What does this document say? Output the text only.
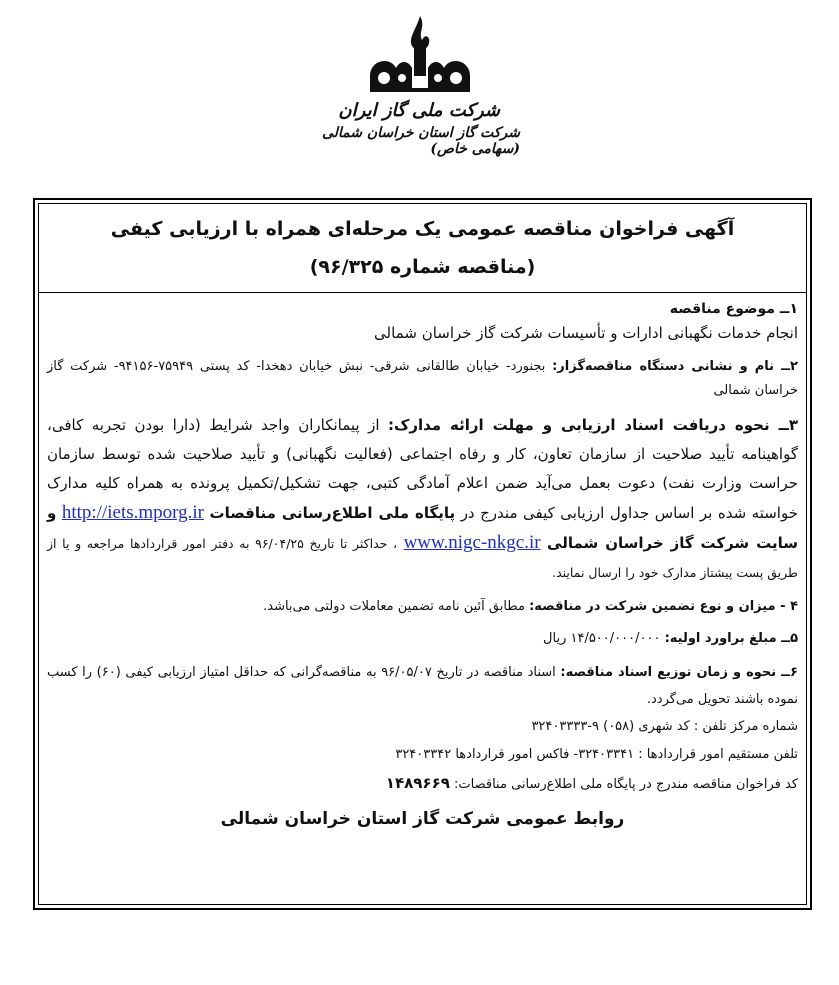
شرکت ملی گاز ایران
شرکت گاز استان خراسان شمالی (سهامی خاص)
آگهی فراخوان مناقصه عمومی یک مرحله‌ای همراه با ارزیابی کیفی
(مناقصه شماره ۹۶/۳۲۵)
۱ــ موضوع مناقصه

انجام خدمات نگهبانی ادارات و تأسیسات شرکت گاز خراسان شمالی

۲ــ نام و نشانی دستگاه مناقصه‌گزار: بجنورد- خیابان طالقانی شرقی- نبش خیابان دهخدا- کد پستی ۷۵۹۴۹-۹۴۱۵۶- شرکت گاز خراسان شمالی

۳ــ نحوه دریافت اسناد ارزیابی و مهلت ارائه مدارک: از پیمانکاران واجد شرایط (دارا بودن تجربه کافی، گواهینامه تأیید صلاحیت از سازمان تعاون، کار و رفاه اجتماعی (فعالیت نگهبانی) و تأیید صلاحیت شده توسط سازمان حراست وزارت نفت) دعوت بعمل می‌آید ضمن اعلام آمادگی کتبی، جهت تشکیل/تکمیل پرونده به همراه کلیه مدارک خواسته شده بر اساس جداول ارزیابی کیفی مندرج در پایگاه ملی اطلاع‌رسانی مناقصات http://iets.mporg.ir و سایت شرکت گاز خراسان شمالی www.nigc-nkgc.ir ، حداکثر تا تاریخ ۹۶/۰۴/۲۵ به دفتر امور قراردادها مراجعه و یا از طریق پست پیشتاز مدارک خود را ارسال نمایند.

۴ - میزان و نوع تضمین شرکت در مناقصه: مطابق آئین نامه تضمین معاملات دولتی می‌باشد.

۵ــ مبلغ براورد اولیه: ۱۴/۵۰۰/۰۰۰/۰۰۰ ریال

۶ــ نحوه و زمان توزیع اسناد مناقصه: اسناد مناقصه در تاریخ ۹۶/۰۵/۰۷ به مناقصه‌گرانی که حداقل امتیاز ارزیابی کیفی (۶۰) را کسب نموده باشند تحویل می‌گردد.

شماره مرکز تلفن : کد شهری (۰۵۸) ۹-۳۲۴۰۳۳۳۳

تلفن مستقیم امور قراردادها : ۳۲۴۰۳۳۴۱- فاکس امور قراردادها ۳۲۴۰۳۳۴۲

کد فراخوان مناقصه مندرج در پایگاه ملی اطلاع‌رسانی مناقصات: ۱۴۸۹۶۶۹

روابط عمومی شرکت گاز استان خراسان شمالی
